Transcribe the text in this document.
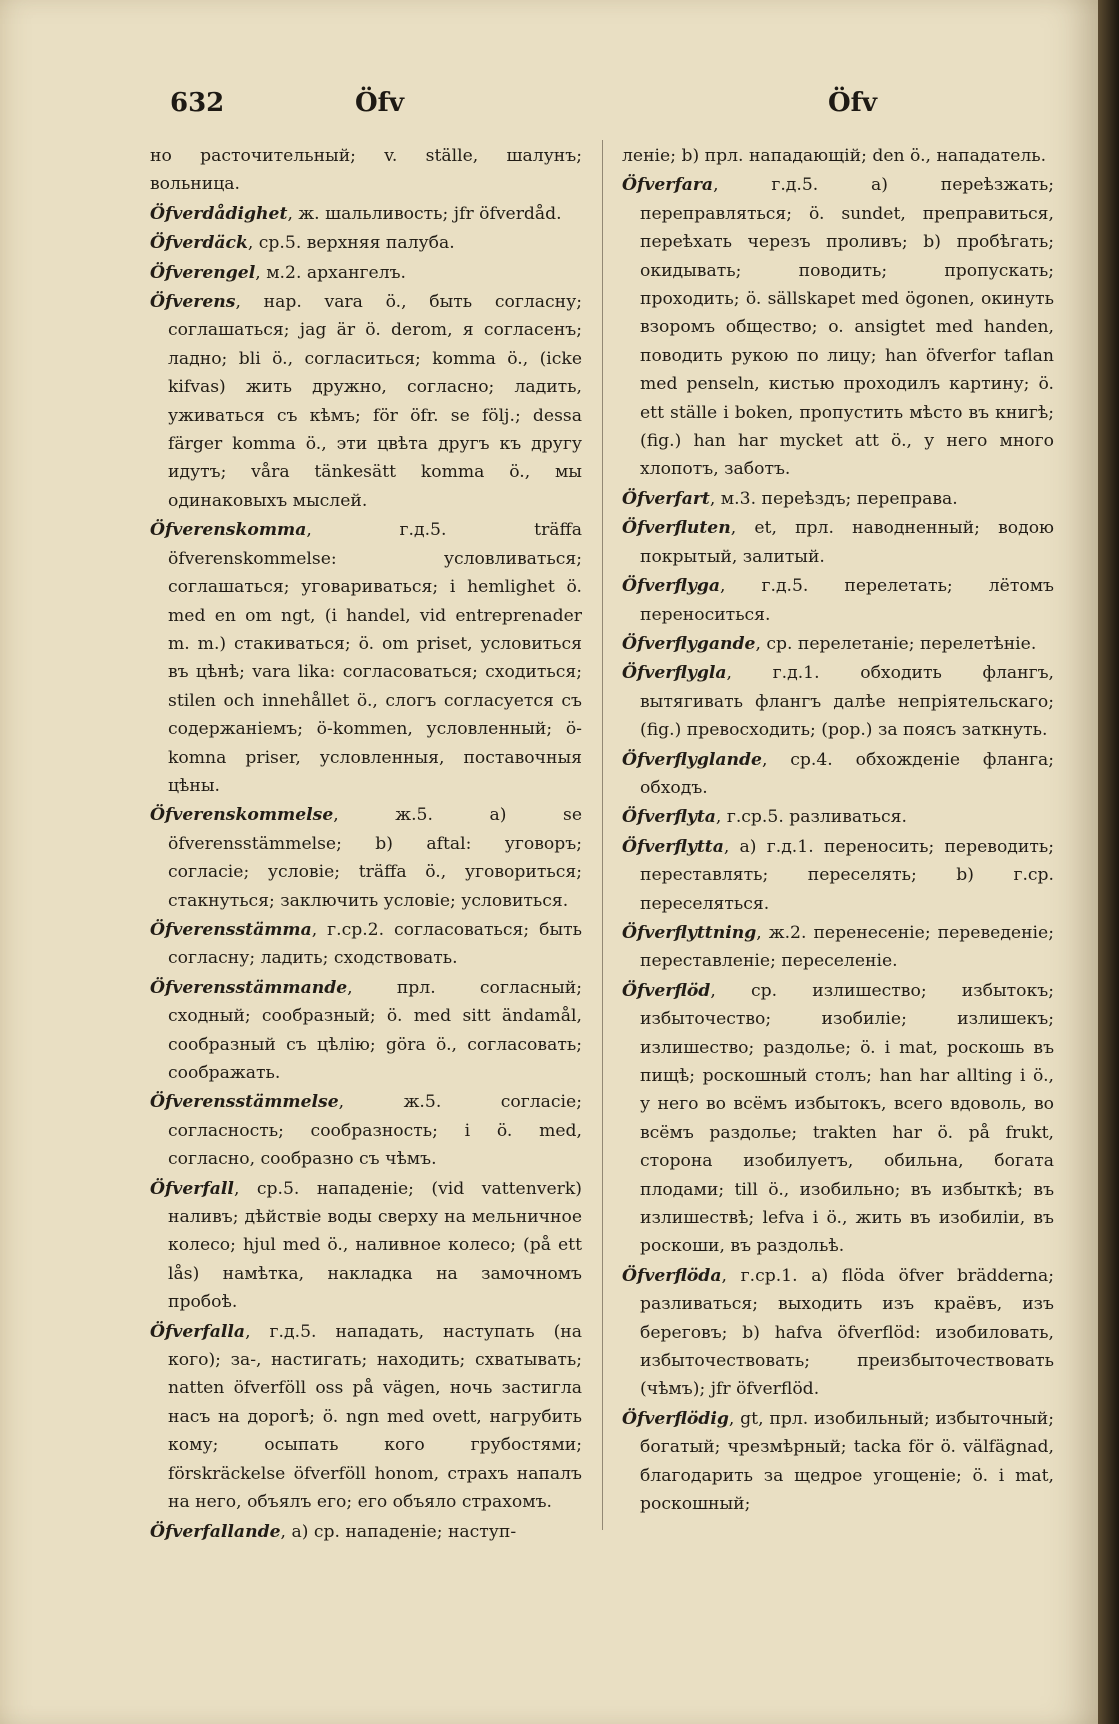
632	Öfv	Öfv

но расточительный; v. ställe, шалунъ; вольница.

Öfverdådighet, ж. шальливость; jfr öfverdåd.

Öfverdäck, ср.5. верхняя палуба.

Öfverengel, м.2. архангелъ.

Öfverens, нар. vara ö., быть согласну; соглашаться; jag är ö. derom, я согласенъ; ладно; bli ö., согласиться; komma ö., (icke kifvas) жить дружно, согласно; ладить, уживаться съ кѣмъ; för öfr. se följ.; dessa färger komma ö., эти цвѣта другъ къ другу идутъ; våra tänkesätt komma ö., мы одинаковыхъ мыслей.

Öfverenskomma, г.д.5. träffa öfverenskommelse: условливаться; соглашаться; уговариваться; i hemlighet ö. med en om ngt, (i handel, vid entreprenader m. m.) стакиваться; ö. om priset, условиться въ цѣнѣ; vara lika: согласоваться; сходиться; stilen och innehållet ö., слогъ согласуется съ содержаніемъ; ö-kommen, условленный; ö-komna priser, условленныя, поставочныя цѣны.

Öfverenskommelse, ж.5. a) se öfverensstämmelse; b) aftal: уговоръ; согласіе; условіе; träffa ö., уговориться; стакнуться; заключить условіе; условиться.

Öfverensstämma, г.ср.2. согласоваться; быть согласну; ладить; сходствовать.

Öfverensstämmande, прл. согласный; сходный; сообразный; ö. med sitt ändamål, сообразный съ цѣлію; göra ö., согласовать; соображать.

Öfverensstämmelse, ж.5. согласіе; согласность; сообразность; i ö. med, согласно, сообразно съ чѣмъ.

Öfverfall, ср.5. нападеніе; (vid vattenverk) наливъ; дѣйствіе воды сверху на мельничное колесо; hjul med ö., наливное колесо; (på ett lås) намѣтка, накладка на замочномъ пробоѣ.

Öfverfalla, г.д.5. нападать, наступать (на кого); за-, настигать; находить; схватывать; natten öfverföll oss på vägen, ночь застигла насъ на дорогѣ; ö. ngn med ovett, нагрубить кому; осыпать кого грубостями; förskräckelse öfverföll honom, страхъ напалъ на него, объялъ его; его объяло страхомъ.

Öfverfallande, a) ср. нападеніе; наступ-

леніе; b) прл. нападающій; den ö., нападатель.

Öfverfara, г.д.5. a) переѣзжать; переправляться; ö. sundet, преправиться, переѣхать черезъ проливъ; b) пробѣгать; окидывать; поводить; пропускать; проходить; ö. sällskapet med ögonen, окинуть взоромъ общество; o. ansigtet med handen, поводить рукою по лицу; han öfverfor taflan med penseln, кистью проходилъ картину; ö. ett ställe i boken, пропустить мѣсто въ книгѣ; (fig.) han har mycket att ö., у него много хлопотъ, заботъ.

Öfverfart, м.3. переѣздъ; переправа.

Öfverfluten, et, прл. наводненный; водою покрытый, залитый.

Öfverflyga, г.д.5. перелетать; лётомъ переноситься.

Öfverflygande, ср. перелетаніе; перелетѣніе.

Öfverflygla, г.д.1. обходить флангъ, вытягивать флангъ далѣе непріятельскаго; (fig.) превосходить; (pop.) за поясъ заткнуть.

Öfverflyglande, ср.4. обхожденіе фланга; обходъ.

Öfverflyta, г.ср.5. разливаться.

Öfverflytta, a) г.д.1. переносить; переводить; переставлять; переселять; b) г.ср. переселяться.

Öfverflyttning, ж.2. перенесеніе; переведеніе; переставленіе; переселеніе.

Öfverflöd, ср. излишество; избытокъ; избыточество; изобиліе; излишекъ; излишество; раздолье; ö. i mat, роскошь въ пищѣ; роскошный столъ; han har allting i ö., у него во всёмъ избытокъ, всего вдоволь, во всёмъ раздолье; trakten har ö. på frukt, сторона изобилуетъ, обильна, богата плодами; till ö., изобильно; въ избыткѣ; въ излишествѣ; lefva i ö., жить въ изобиліи, въ роскоши, въ раздольѣ.

Öfverflöda, г.ср.1. a) flöda öfver brädderna; разливаться; выходить изъ краёвъ, изъ береговъ; b) hafva öfverflöd: изобиловать, избыточествовать; преизбыточествовать (чѣмъ); jfr öfverflöd.

Öfverflödig, gt, прл. изобильный; избыточный; богатый; чрезмѣрный; tacka för ö. välfägnad, благодарить за щедрое угощеніе; ö. i mat, роскошный;
